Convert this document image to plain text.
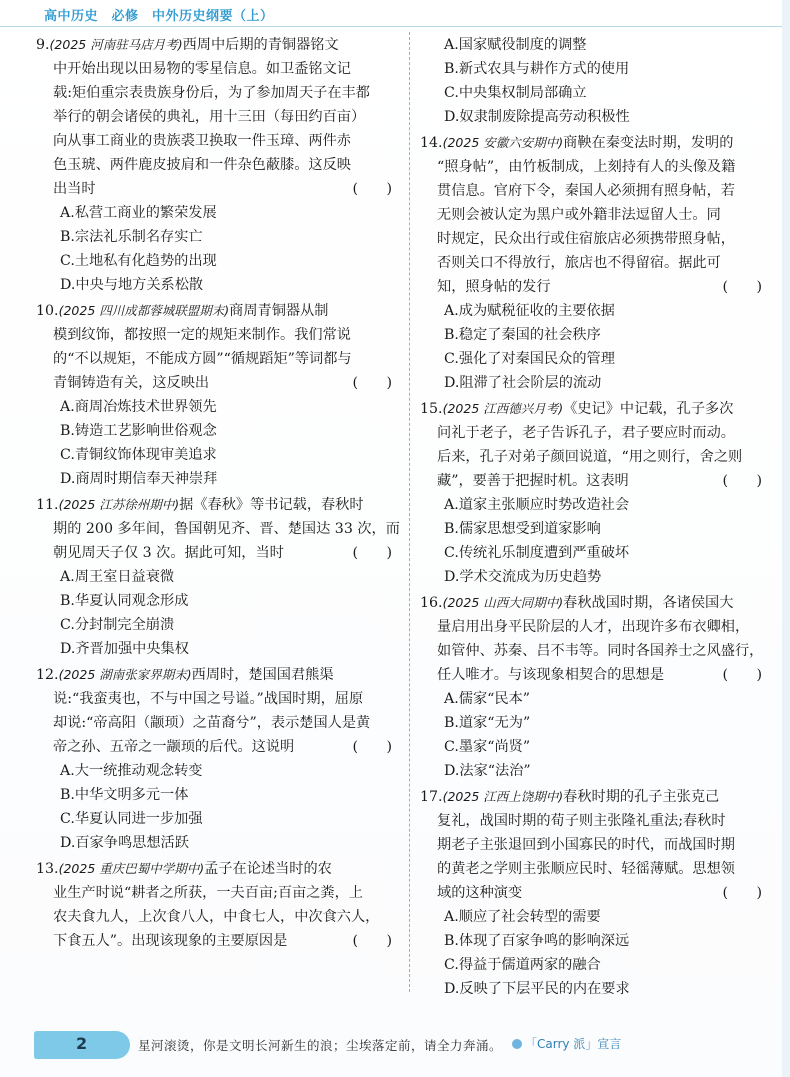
高中历史　必修　中外历史纲要（上）
9.(2025 河南驻马店月考)西周中后期的青铜器铭文
中开始出现以田易物的零星信息。如卫盉铭文记
载:矩伯重宗表贵族身份后，为了参加周天子在丰都
举行的朝会诸侯的典礼，用十三田（每田约百亩）
向从事工商业的贵族裘卫换取一件玉璋、两件赤
色玉琥、两件鹿皮披肩和一件杂色蔽膝。这反映
出当时	(　　)
A.私营工商业的繁荣发展
B.宗法礼乐制名存实亡
C.土地私有化趋势的出现
D.中央与地方关系松散
10.(2025 四川成都蓉城联盟期末)商周青铜器从制
模到纹饰，都按照一定的规矩来制作。我们常说
的“不以规矩，不能成方圆”“循规蹈矩”等词都与
青铜铸造有关，这反映出	(　　)
A.商周冶炼技术世界领先
B.铸造工艺影响世俗观念
C.青铜纹饰体现审美追求
D.商周时期信奉天神崇拜
11.(2025 江苏徐州期中)据《春秋》等书记载，春秋时
期的 200 多年间，鲁国朝见齐、晋、楚国达 33 次，而
朝见周天子仅 3 次。据此可知，当时	(　　)
A.周王室日益衰微
B.华夏认同观念形成
C.分封制完全崩溃
D.齐晋加强中央集权
12.(2025 湖南张家界期末)西周时，楚国国君熊渠
说:“我蛮夷也，不与中国之号谥。”战国时期，屈原
却说:“帝高阳（颛顼）之苗裔兮”，表示楚国人是黄
帝之孙、五帝之一颛顼的后代。这说明	(　　)
A.大一统推动观念转变
B.中华文明多元一体
C.华夏认同进一步加强
D.百家争鸣思想活跃
13.(2025 重庆巴蜀中学期中)孟子在论述当时的农
业生产时说“耕者之所获，一夫百亩;百亩之粪，上
农夫食九人，上次食八人，中食七人，中次食六人，
下食五人”。出现该现象的主要原因是	(　　)
A.国家赋役制度的调整
B.新式农具与耕作方式的使用
C.中央集权制局部确立
D.奴隶制废除提高劳动积极性
14.(2025 安徽六安期中)商鞅在秦变法时期，发明的
“照身帖”，由竹板制成，上刻持有人的头像及籍
贯信息。官府下令，秦国人必须拥有照身帖，若
无则会被认定为黑户或外籍非法逗留人士。同
时规定，民众出行或住宿旅店必须携带照身帖，
否则关口不得放行，旅店也不得留宿。据此可
知，照身帖的发行	(　　)
A.成为赋税征收的主要依据
B.稳定了秦国的社会秩序
C.强化了对秦国民众的管理
D.阻滞了社会阶层的流动
15.(2025 江西德兴月考)《史记》中记载，孔子多次
问礼于老子，老子告诉孔子，君子要应时而动。
后来，孔子对弟子颜回说道，“用之则行，舍之则
藏”，要善于把握时机。这表明	(　　)
A.道家主张顺应时势改造社会
B.儒家思想受到道家影响
C.传统礼乐制度遭到严重破坏
D.学术交流成为历史趋势
16.(2025 山西大同期中)春秋战国时期，各诸侯国大
量启用出身平民阶层的人才，出现许多布衣卿相，
如管仲、苏秦、吕不韦等。同时各国养士之风盛行，
任人唯才。与该现象相契合的思想是	(　　)
A.儒家“民本”
B.道家“无为”
C.墨家“尚贤”
D.法家“法治”
17.(2025 江西上饶期中)春秋时期的孔子主张克己
复礼，战国时期的荀子则主张隆礼重法;春秋时
期老子主张退回到小国寡民的时代，而战国时期
的黄老之学则主张顺应民时、轻徭薄赋。思想领
域的这种演变	(　　)
A.顺应了社会转型的需要
B.体现了百家争鸣的影响深远
C.得益于儒道两家的融合
D.反映了下层平民的内在要求
2	星河滚烫，你是文明长河新生的浪；尘埃落定前，请全力奔涌。	「Carry 派」宣言
